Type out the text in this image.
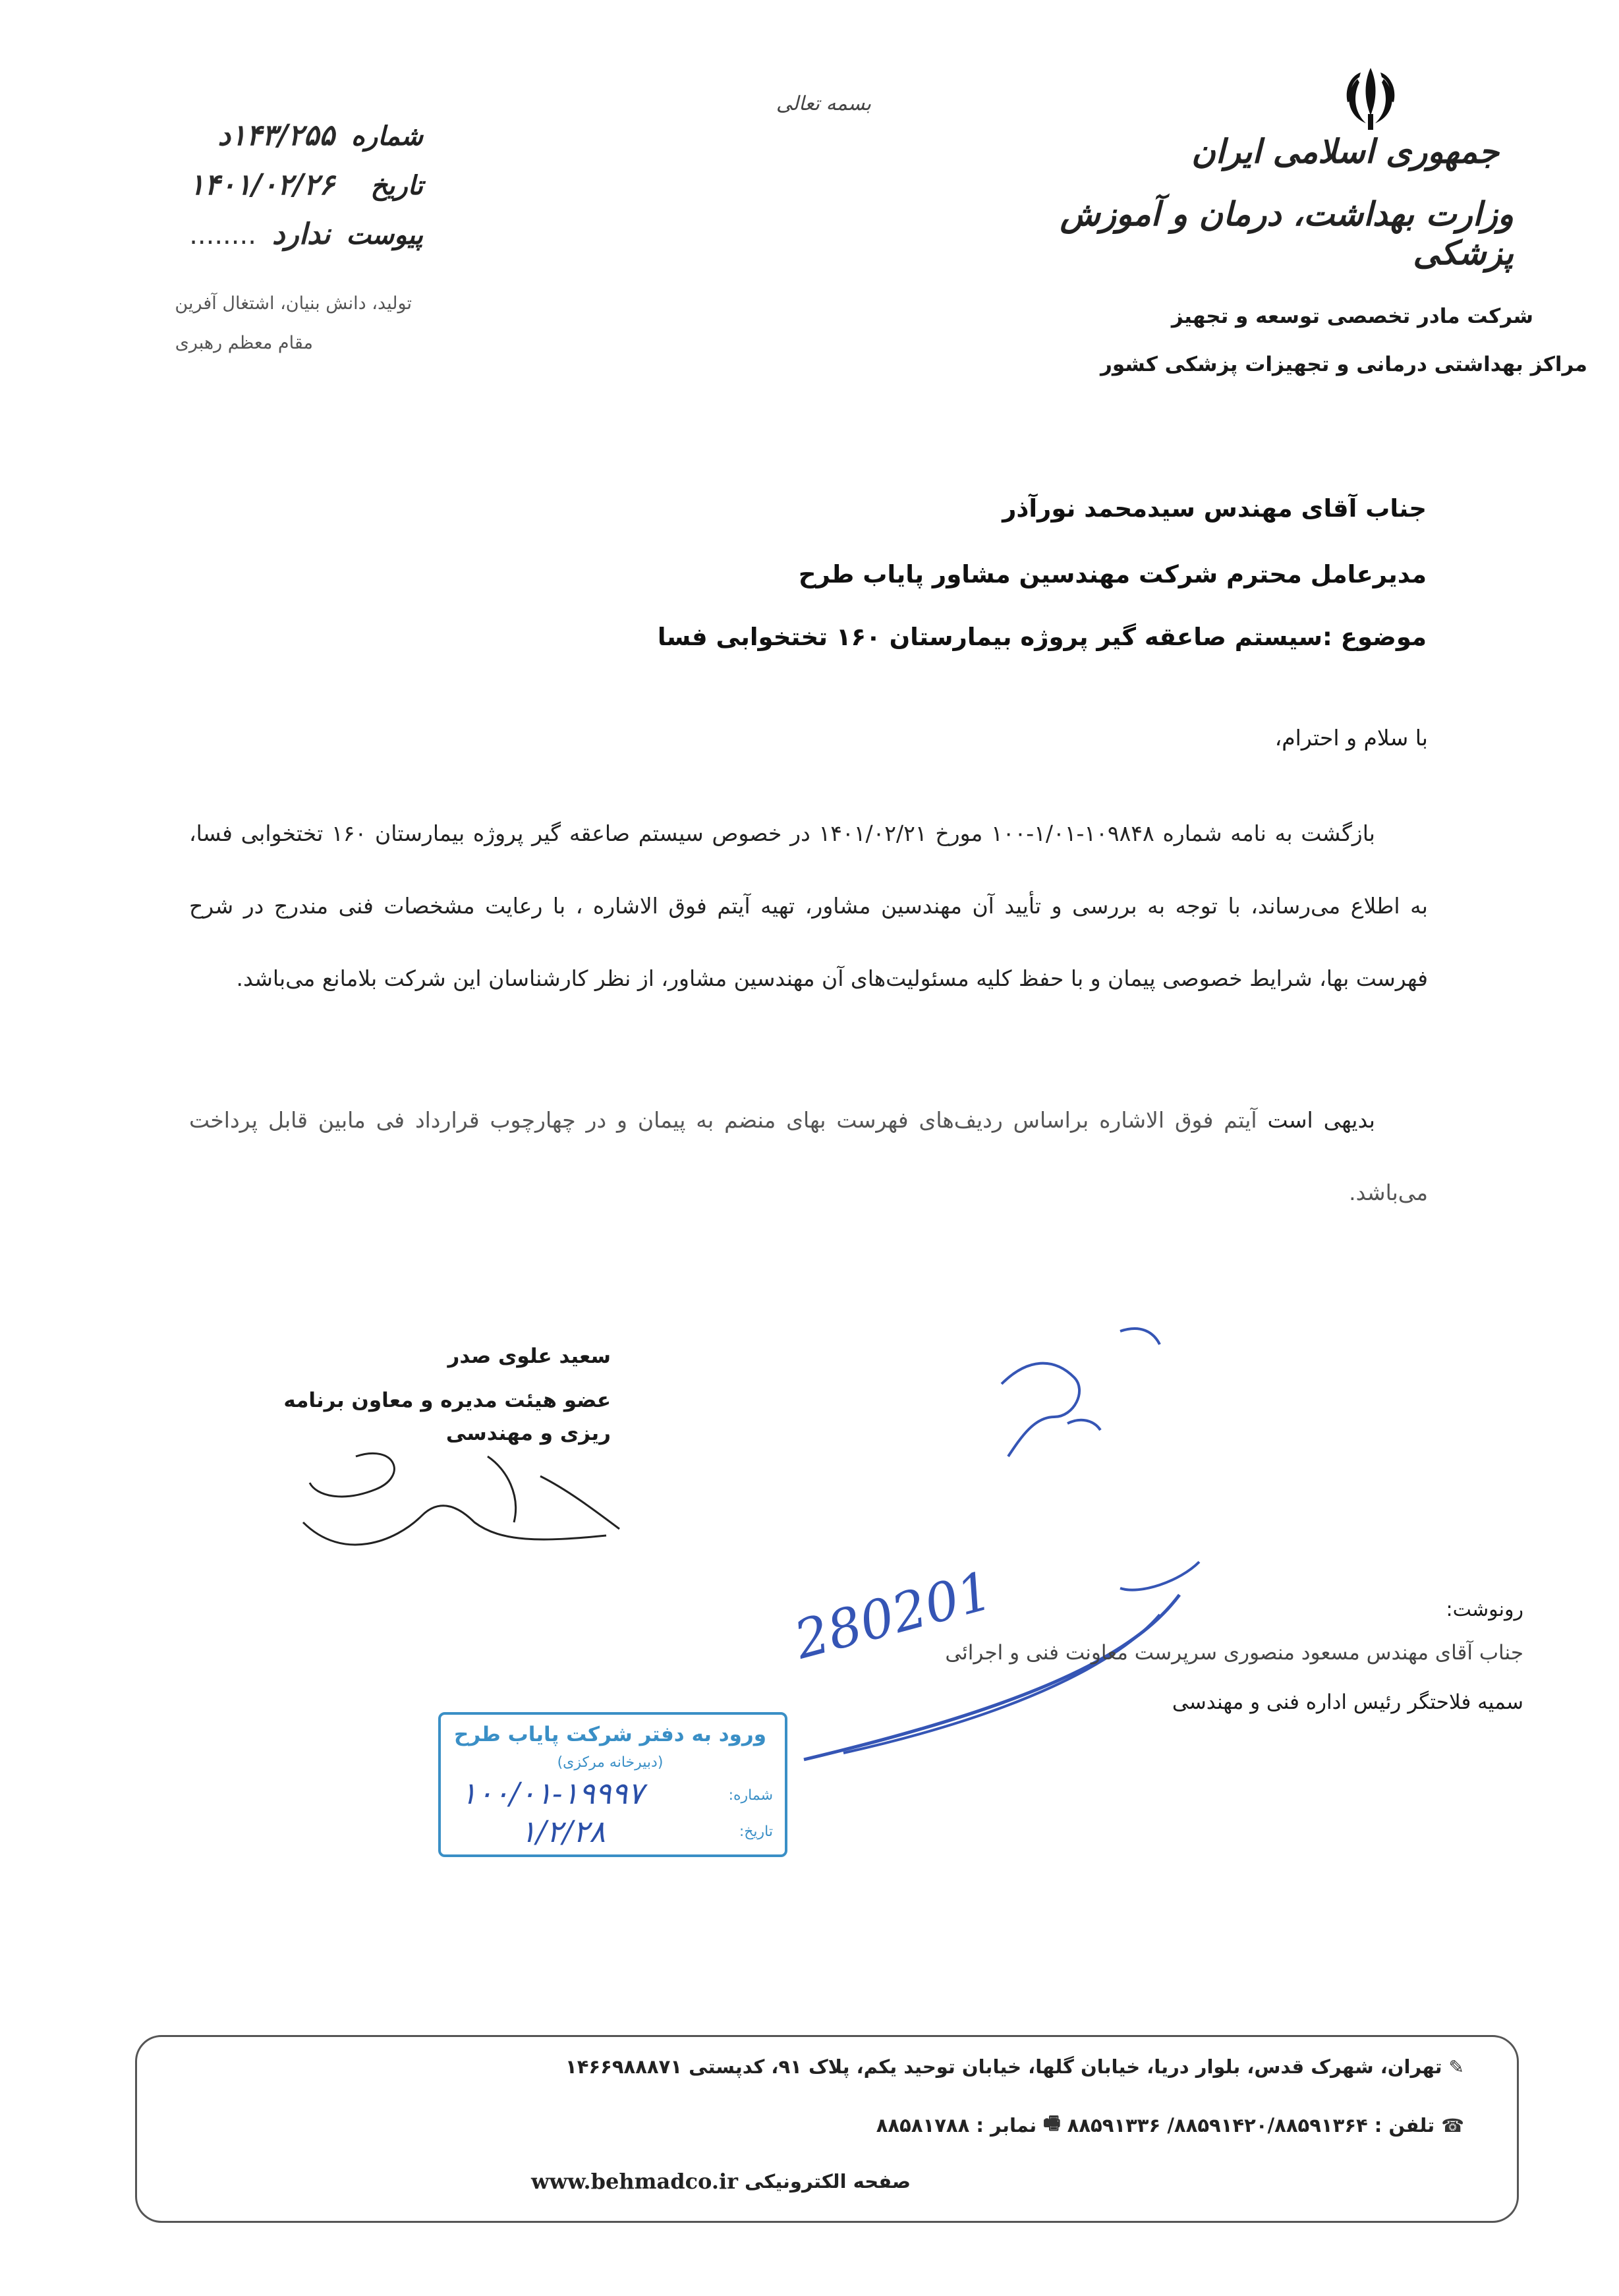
بسمه تعالی
جمهوری اسلامی ایران
وزارت بهداشت، درمان و آموزش پزشکی
شرکت مادر تخصصی توسعه و تجهیز
مراکز بهداشتی درمانی و تجهیزات پزشکی کشور
شماره
۱۴۳/۲۵۵د
تاریخ
۱۴۰۱/۰۲/۲۶
پیوست
ندارد
........
تولید، دانش بنیان، اشتغال آفرین
مقام معظم رهبری
جناب آقای مهندس سیدمحمد نورآذر
مدیرعامل محترم شرکت مهندسین مشاور پایاب طرح
موضوع :سیستم صاعقه گیر پروژه بیمارستان ۱۶۰ تختخوابی فسا
با سلام و احترام،
بازگشت به نامه شماره ۱۰۹۸۴۸-۱/۰۱-۱۰۰ مورخ ۱۴۰۱/۰۲/۲۱ در خصوص سیستم صاعقه گیر پروژه بیمارستان ۱۶۰ تختخوابی فسا، به اطلاع می‌رساند، با توجه به بررسی و تأیید آن مهندسین مشاور، تهیه آیتم فوق الاشاره ، با رعایت مشخصات فنی مندرج در شرح فهرست بها، شرایط خصوصی پیمان و با حفظ کلیه مسئولیت‌های آن مهندسین مشاور، از نظر کارشناسان این شرکت بلامانع می‌باشد.
بدیهی است آیتم فوق الاشاره براساس ردیف‌های فهرست بهای منضم به پیمان و در چهارچوب قرارداد فی مابین قابل پرداخت می‌باشد.
280201
سعید علوی صدر
عضو هیئت مدیره و معاون برنامه ریزی و مهندسی
رونوشت:
جناب آقای مهندس مسعود منصوری سرپرست معاونت فنی و اجرائی
سمیه فلاحتگر رئیس اداره فنی و مهندسی
ورود به دفتر شرکت پایاب طرح
(دبیرخانه مرکزی)
شماره:
تاریخ:
۱۰۰/۰۱-۱۹۹۹۷
۱/۲/۲۸
✎
تهران، شهرک قدس، بلوار دریا، خیابان گلها، خیابان توحید یکم، پلاک ۹۱، کدپستی ۱۴۶۶۹۸۸۸۷۱
☎
تلفن :
۸۸۵۹۱۴۲۰/۸۸۵۹۱۳۶۴/ ۸۸۵۹۱۳۳۶
🖷
نمابر :
۸۸۵۸۱۷۸۸
صفحه الکترونیکی
www.behmadco.ir
